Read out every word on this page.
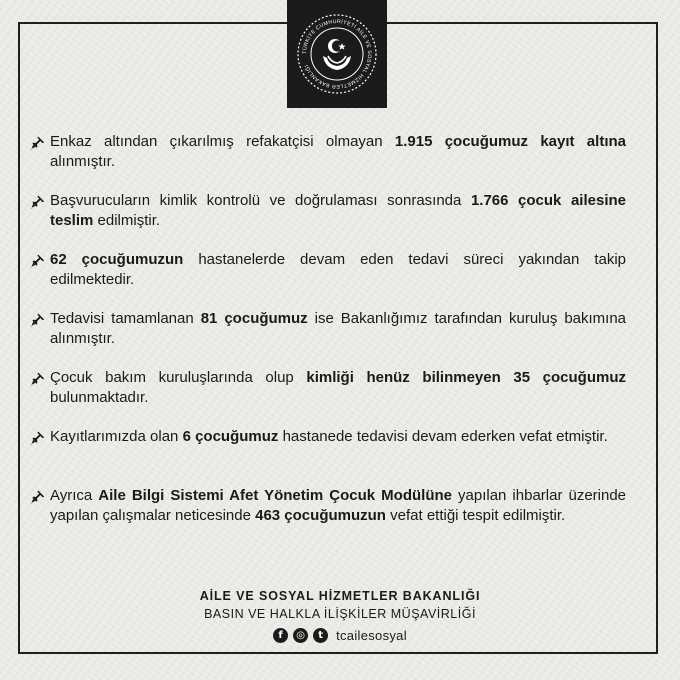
TÜRKİYE CUMHURİYETİ AİLE VE SOSYAL HİZMETLER BAKANLIĞI
Enkaz altından çıkarılmış refakatçisi olmayan 1.915 çocuğumuz kayıt altına alınmıştır.
Başvurucuların kimlik kontrolü ve doğrulaması sonrasında 1.766 çocuk ailesine teslim edilmiştir.
62 çocuğumuzun hastanelerde devam eden tedavi süreci yakından takip edilmektedir.
Tedavisi tamamlanan 81 çocuğumuz ise Bakanlığımız tarafından kuruluş bakımına alınmıştır.
Çocuk bakım kuruluşlarında olup kimliği henüz bilinmeyen 35 çocuğumuz bulunmaktadır.
Kayıtlarımızda olan 6 çocuğumuz hastanede tedavisi devam ederken vefat etmiştir.
Ayrıca Aile Bilgi Sistemi Afet Yönetim Çocuk Modülüne yapılan ihbarlar üzerinde yapılan çalışmalar neticesinde 463 çocuğumuzun vefat ettiği tespit edilmiştir.
AİLE VE SOSYAL HİZMETLER BAKANLIĞI
BASIN VE HALKLA İLİŞKİLER MÜŞAVİRLİĞİ
f	◎	t	tcailesosyal
